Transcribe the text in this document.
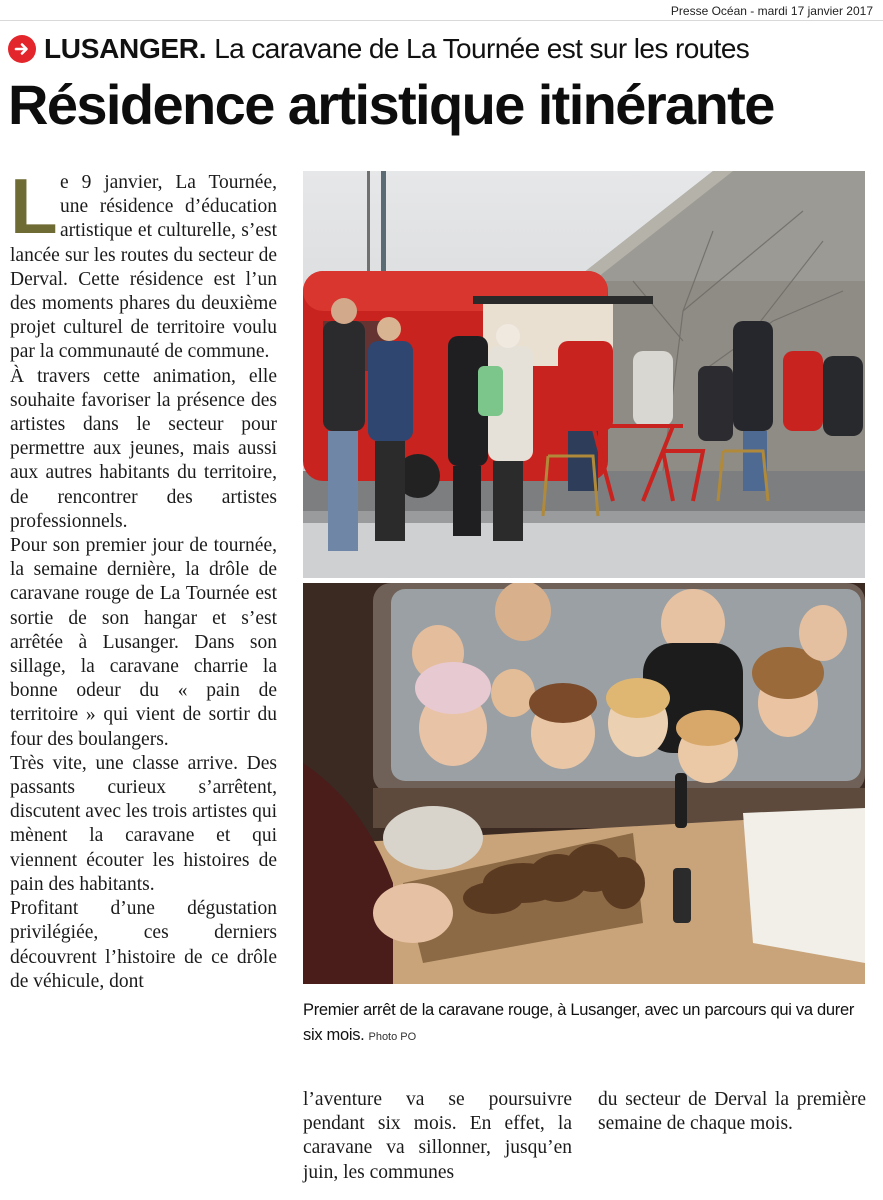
Presse Océan - mardi 17 janvier 2017
LUSANGER. La caravane de La Tournée est sur les routes
Résidence artistique itinérante
L e 9 janvier, La Tournée, une résidence d’éducation artistique et culturelle, s’est lancée sur les routes du secteur de Derval. Cette résidence est l’un des moments phares du deuxième projet culturel de territoire voulu par la communauté de commune.

À travers cette animation, elle souhaite favoriser la présence des artistes dans le secteur pour permettre aux jeunes, mais aussi aux autres habitants du territoire, de rencontrer des artistes professionnels.

Pour son premier jour de tournée, la semaine dernière, la drôle de caravane rouge de La Tournée est sortie de son hangar et s’est arrêtée à Lusanger. Dans son sillage, la caravane charrie la bonne odeur du « pain de territoire » qui vient de sortir du four des boulangers.

Très vite, une classe arrive. Des passants curieux s’arrêtent, discutent avec les trois artistes qui mènent la caravane et qui viennent écouter les histoires de pain des habitants.

Profitant d’une dégustation privilégiée, ces derniers découvrent l’histoire de ce drôle de véhicule, dont

Premier arrêt de la caravane rouge, à Lusanger, avec un parcours qui va durer six mois. Photo PO

l’aventure va se poursuivre pendant six mois. En effet, la caravane va sillonner, jusqu’en juin, les communes

du secteur de Derval la première semaine de chaque mois.
